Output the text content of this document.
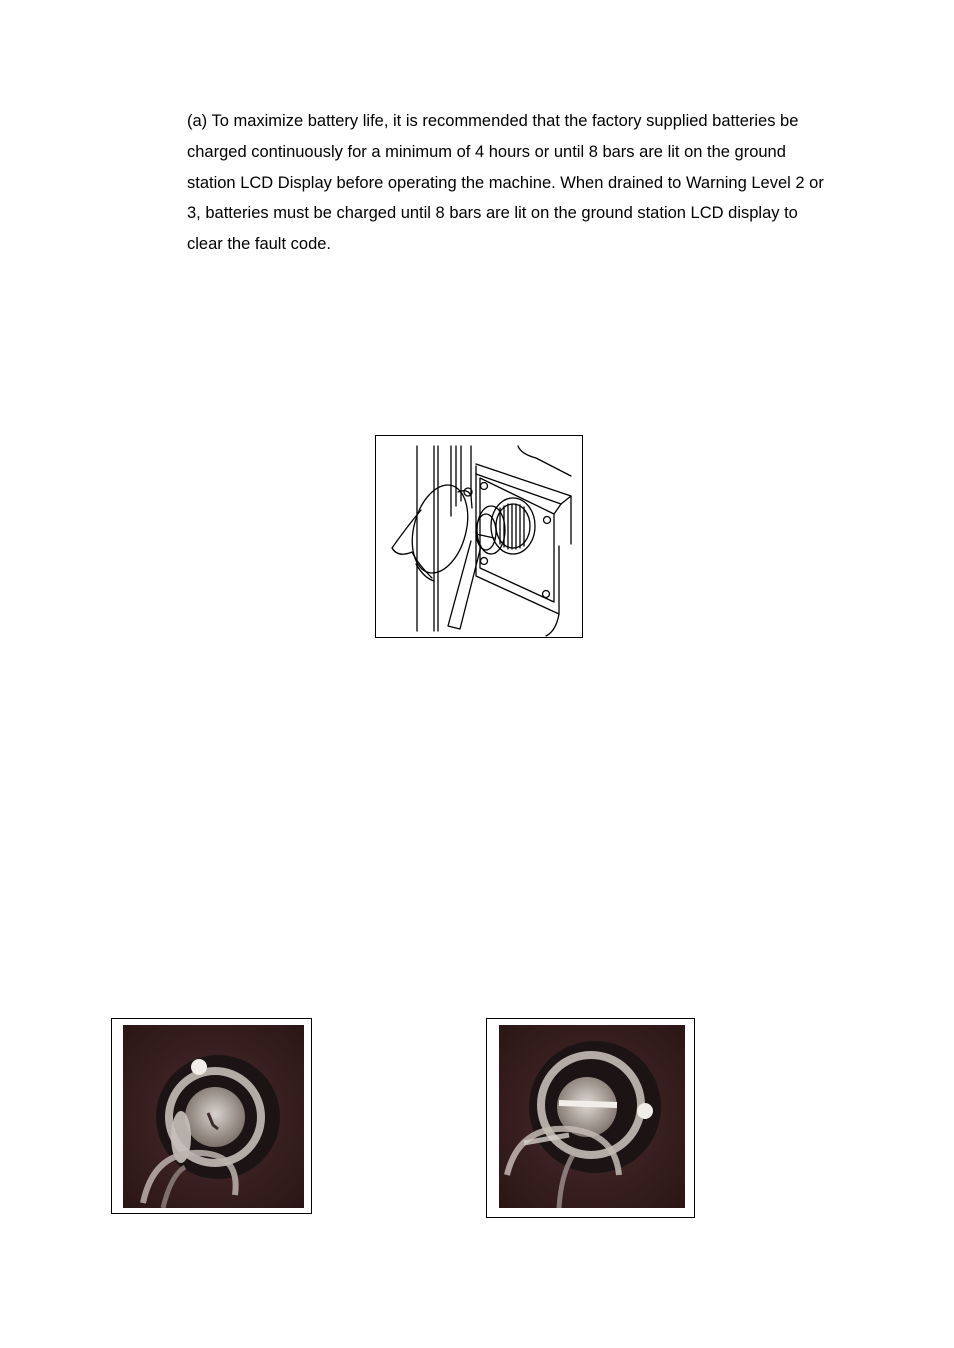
(a) To maximize battery life, it is recommended that the factory supplied batteries be charged continuously for a minimum of 4 hours or until 8 bars are lit on the ground station LCD Display before operating the machine. When drained to Warning Level 2 or 3, batteries must be charged until 8 bars are lit on the ground station LCD display to clear the fault code.
